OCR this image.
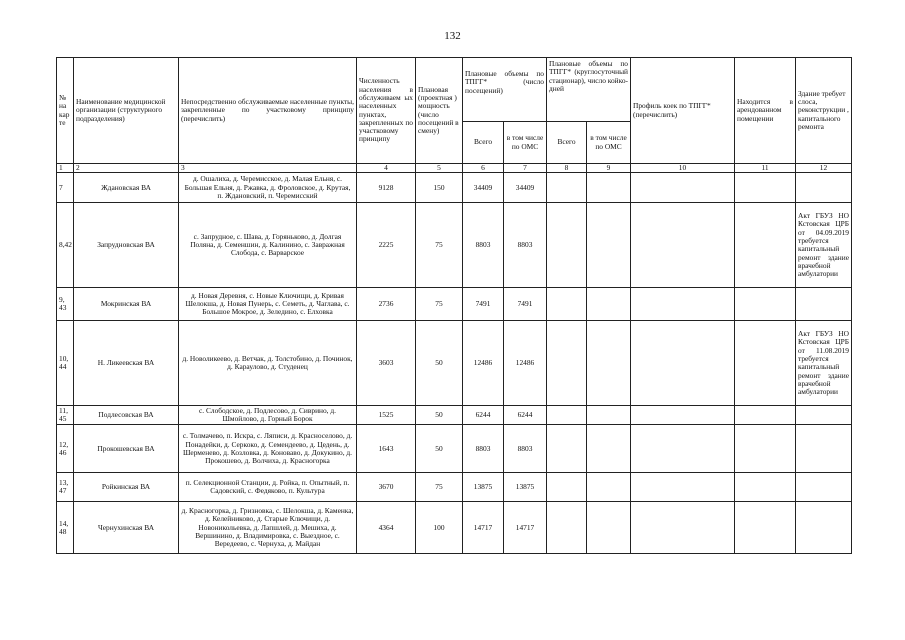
132
№ на кар те	Наименование медицинской организации (структурного подразделения)	Непосредственно обслуживаемые населенные пункты, закрепленные по участковому принципу (перечислить)	Численность населения в обслуживаем ых населенных пунктах, закрепленных по участковому принципу	Плановая (проектная ) мощность (число посещений в смену)	Плановые объемы по ТПГГ* (число посещений)		Плановые объемы по ТПГГ* (круглосуточный стационар), число койко-дней		Профиль коек по ТПГГ* (перечислить)	Находится в арендованном помещении	Здание требует слоса, реконструкции , капитального ремонта
					Всего	в том числе по ОМС	Всего	в том числе по ОМС			
1	2	3	4	5	6	7	8	9	10	11	12
7	Ждановская ВА	д. Ошалиха, д. Черемисское, д. Малая Ельня, с. Большая Ельня, д. Ржавка, д. Фроловское, д. Крутая, п. Ждановский, п. Черемисский	9128	150	34409	34409					
8,42	Запрудновская ВА	с. Запрудное, с. Шава, д. Горяньково, д. Долгая Поляна, д. Семеншин, д. Калинино, с. Завражная Слобода, с. Варварское	2225	75	8803	8803					Акт ГБУЗ НО Кстовская ЦРБ от 04.09.2019 требуется капитальный ремонт здание врачебной амбулатории
9, 43	Мокринская ВА	д. Новая Деревня, с. Новые Ключищи, д. Кривая Шелокша, д. Новая Пунерь, с. Семеть, д. Чаглава, с. Большое Мокрое, д. Зеледино, с. Елховка	2736	75	7491	7491					
10, 44	Н. Ликеевская ВА	д. Новоликеево, д. Ветчак, д. Толстобино, д. Починок, д. Караулово, д. Студенец	3603	50	12486	12486					Акт ГБУЗ НО Кстовская ЦРБ от 11.08.2019 требуется капитальный ремонт здание врачебной амбулатории
11, 45	Подлесовская ВА	с. Слободское, д. Подлесово, д. Сиврино, д. Шмойлово, д. Горный Борок	1525	50	6244	6244					
12, 46	Прокошевская ВА	с. Толмачево, п. Искра, с. Ляписи, д. Красноселово, д. Понадейки, д. Серкоко, д. Семендеево, д. Цедень, д. Шерменево, д. Козловка, д. Коноваво, д. Докукино, д. Прокошево, д. Волчиха, д. Красногорка	1643	50	8803	8803					
13, 47	Ройкинская ВА	п. Селекционной Станции, д. Ройка, п. Опытный, п. Садовский, с. Федяково, п. Культура	3670	75	13875	13875					
14, 48	Чернухинская ВА	д. Красногорка, д. Гризновка, с. Шелокша, д. Каменка, д. Келейниково, д. Старые Ключищи, д. Новоникольевка, д. Лапшлей, д. Мешиха, д. Вершинино, д. Владимировка, с. Выездное, с. Вередеево, с. Чернуха, д. Майдан	4364	100	14717	14717					
